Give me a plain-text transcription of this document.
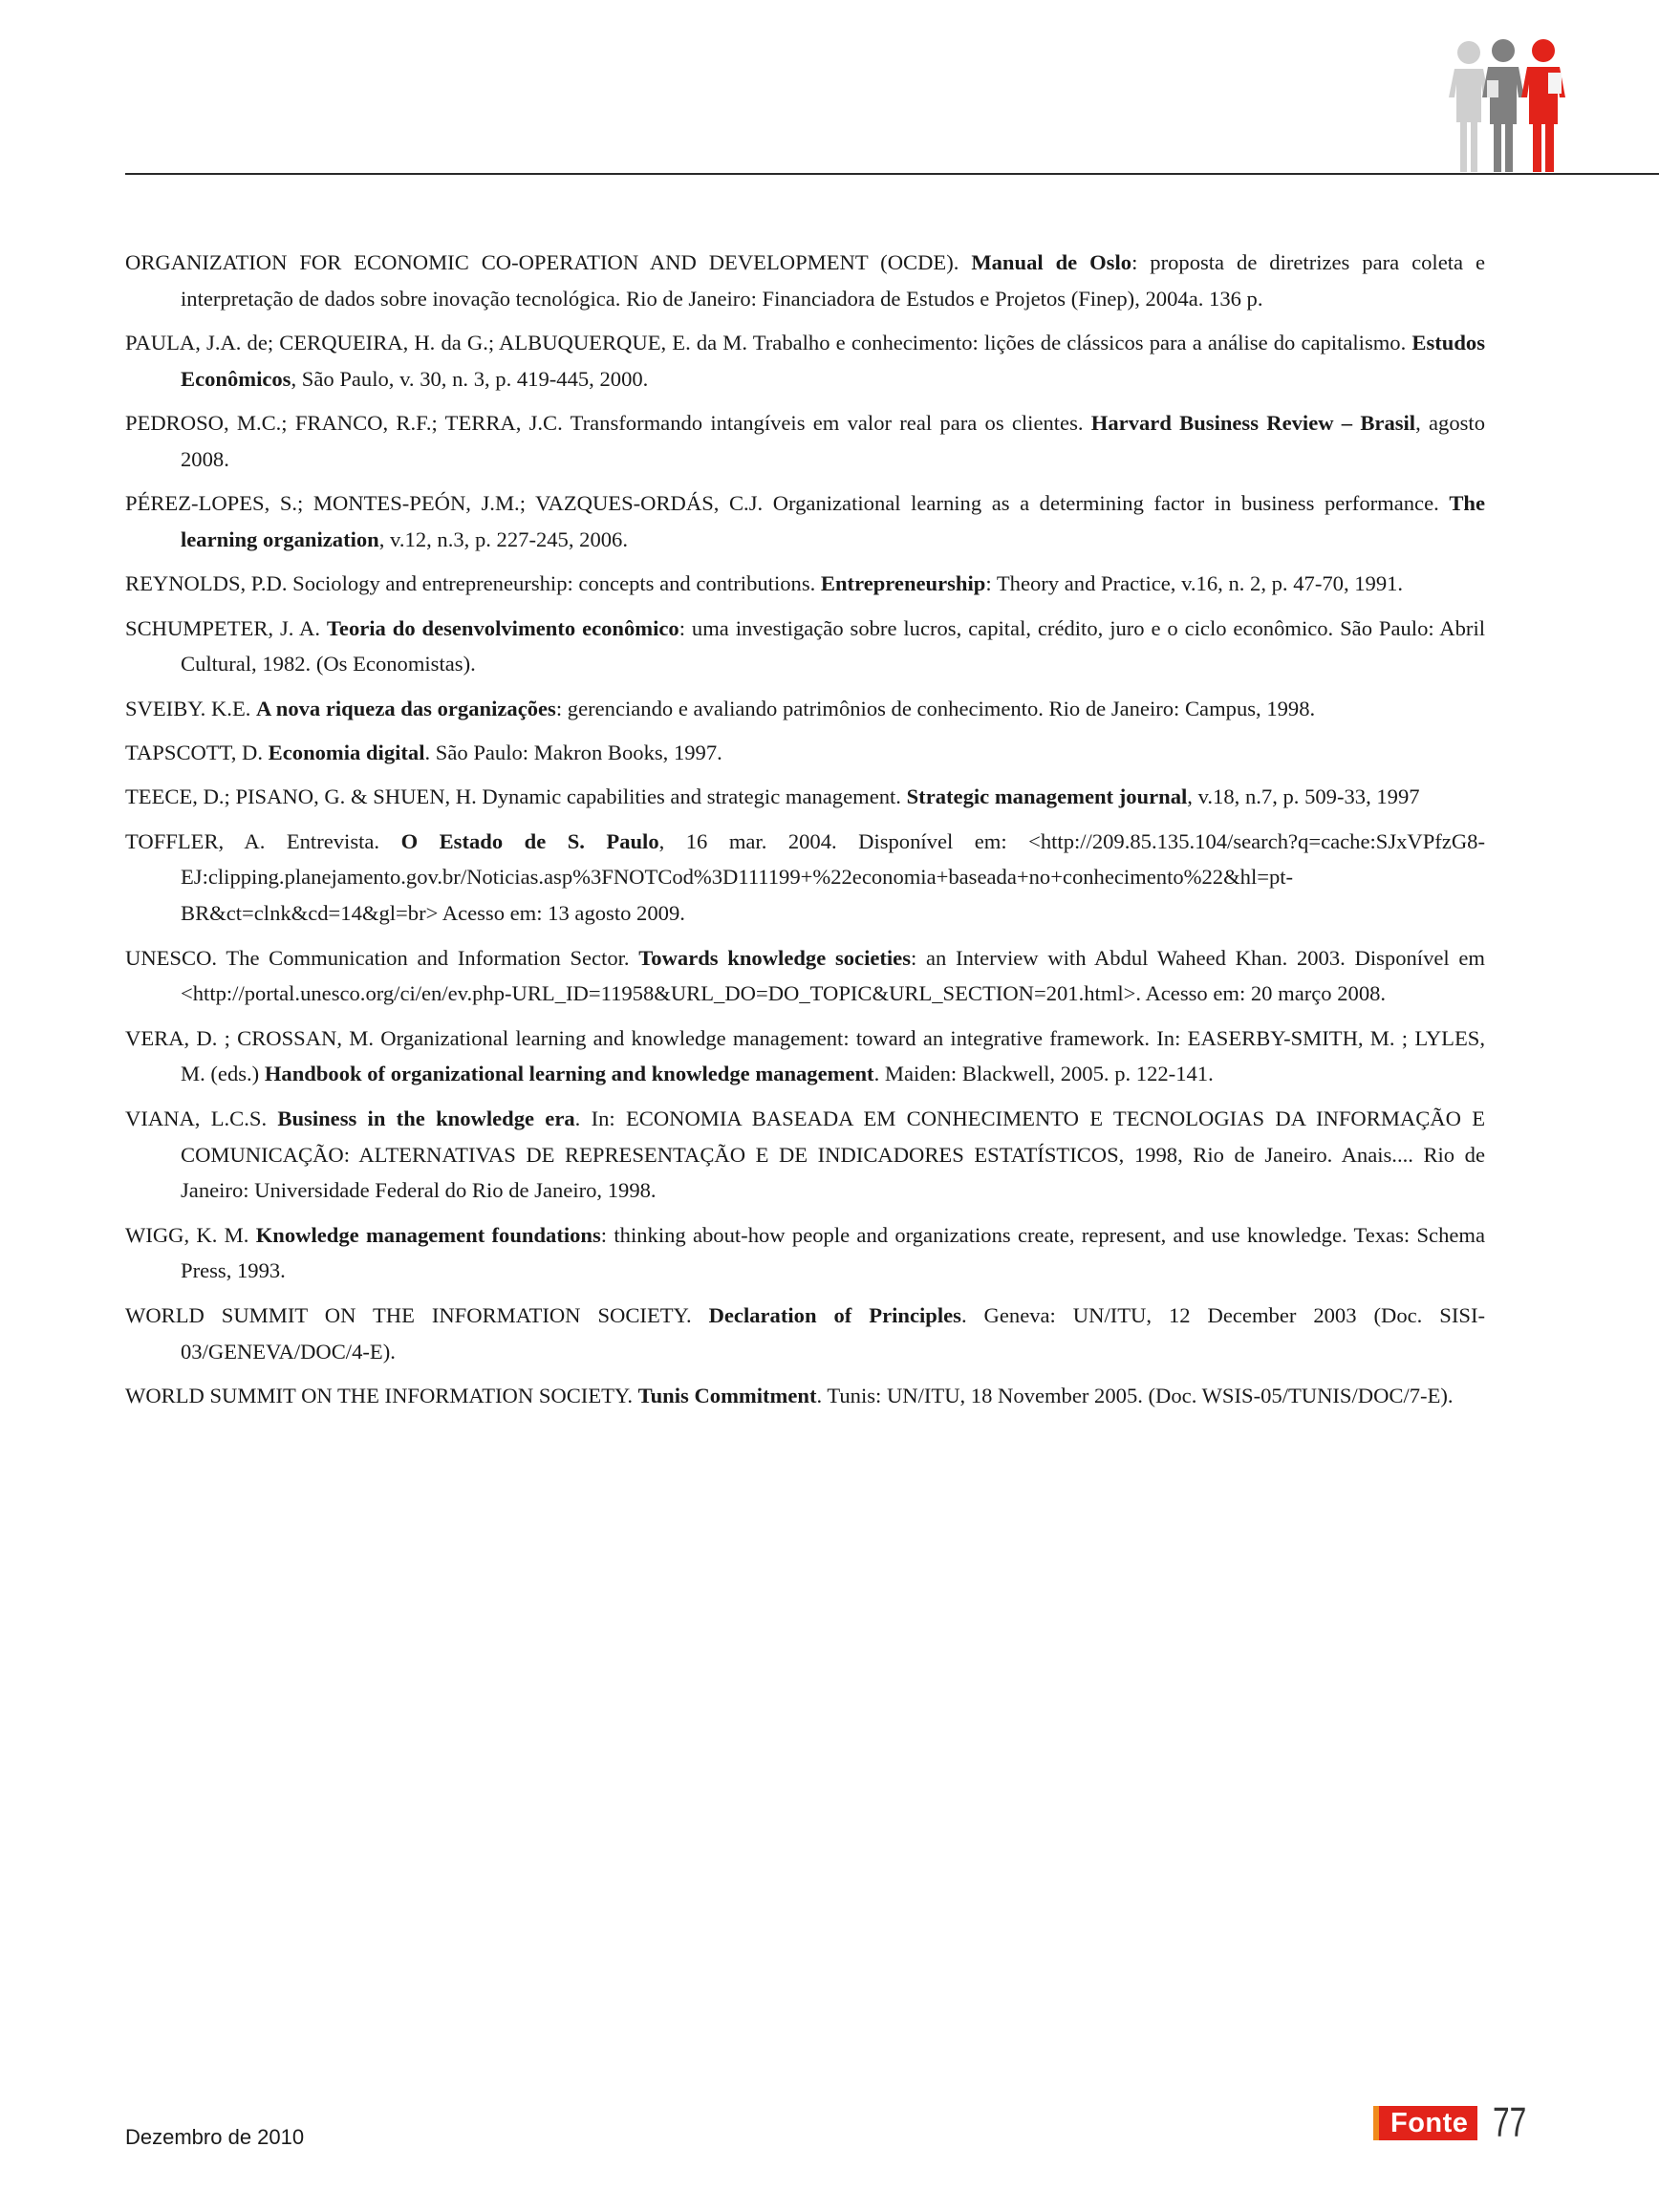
ORGANIZATION FOR ECONOMIC CO-OPERATION AND DEVELOPMENT (OCDE). Manual de Oslo: proposta de diretrizes para coleta e interpretação de dados sobre inovação tecnológica. Rio de Janeiro: Financiadora de Estudos e Projetos (Finep), 2004a. 136 p.
PAULA, J.A. de; CERQUEIRA, H. da G.; ALBUQUERQUE, E. da M. Trabalho e conhecimento: lições de clássicos para a análise do capitalismo. Estudos Econômicos, São Paulo, v. 30, n. 3, p. 419-445, 2000.
PEDROSO, M.C.; FRANCO, R.F.; TERRA, J.C. Transformando intangíveis em valor real para os clientes. Harvard Business Review – Brasil, agosto 2008.
PÉREZ-LOPES, S.; MONTES-PEÓN, J.M.; VAZQUES-ORDÁS, C.J. Organizational learning as a determining factor in business performance. The learning organization, v.12, n.3, p. 227-245, 2006.
REYNOLDS, P.D. Sociology and entrepreneurship: concepts and contributions. Entrepreneurship: Theory and Practice, v.16, n. 2, p. 47-70, 1991.
SCHUMPETER, J. A. Teoria do desenvolvimento econômico: uma investigação sobre lucros, capital, crédito, juro e o ciclo econômico. São Paulo: Abril Cultural, 1982. (Os Economistas).
SVEIBY. K.E. A nova riqueza das organizações: gerenciando e avaliando patrimônios de conhecimento. Rio de Janeiro: Campus, 1998.
TAPSCOTT, D. Economia digital. São Paulo: Makron Books, 1997.
TEECE, D.; PISANO, G. & SHUEN, H. Dynamic capabilities and strategic management. Strategic management journal, v.18, n.7, p. 509-33, 1997
TOFFLER, A. Entrevista. O Estado de S. Paulo, 16 mar. 2004. Disponível em: <http://209.85.135.104/search?q=cache:SJxVPfzG8-EJ:clipping.planejamento.gov.br/Noticias.asp%3FNOTCod%3D111199+%22economia+baseada+no+conhecimento%22&hl=pt-BR&ct=clnk&cd=14&gl=br> Acesso em: 13 agosto 2009.
UNESCO. The Communication and Information Sector. Towards knowledge societies: an Interview with Abdul Waheed Khan. 2003. Disponível em <http://portal.unesco.org/ci/en/ev.php-URL_ID=11958&URL_DO=DO_TOPIC&URL_SECTION=201.html>. Acesso em: 20 março 2008.
VERA, D. ; CROSSAN, M. Organizational learning and knowledge management: toward an integrative framework. In: EASERBY-SMITH, M. ; LYLES, M. (eds.) Handbook of organizational learning and knowledge management. Maiden: Blackwell, 2005. p. 122-141.
VIANA, L.C.S. Business in the knowledge era. In: ECONOMIA BASEADA EM CONHECIMENTO E TECNOLOGIAS DA INFORMAÇÃO E COMUNICAÇÃO: ALTERNATIVAS DE REPRESENTAÇÃO E DE INDICADORES ESTATÍSTICOS, 1998, Rio de Janeiro. Anais.... Rio de Janeiro: Universidade Federal do Rio de Janeiro, 1998.
WIGG, K. M. Knowledge management foundations: thinking about-how people and organizations create, represent, and use knowledge. Texas: Schema Press, 1993.
WORLD SUMMIT ON THE INFORMATION SOCIETY. Declaration of Principles. Geneva: UN/ITU, 12 December 2003 (Doc. SISI-03/GENEVA/DOC/4-E).
WORLD SUMMIT ON THE INFORMATION SOCIETY. Tunis Commitment. Tunis: UN/ITU, 18 November 2005. (Doc. WSIS-05/TUNIS/DOC/7-E).
Dezembro de 2010	Fonte 77
